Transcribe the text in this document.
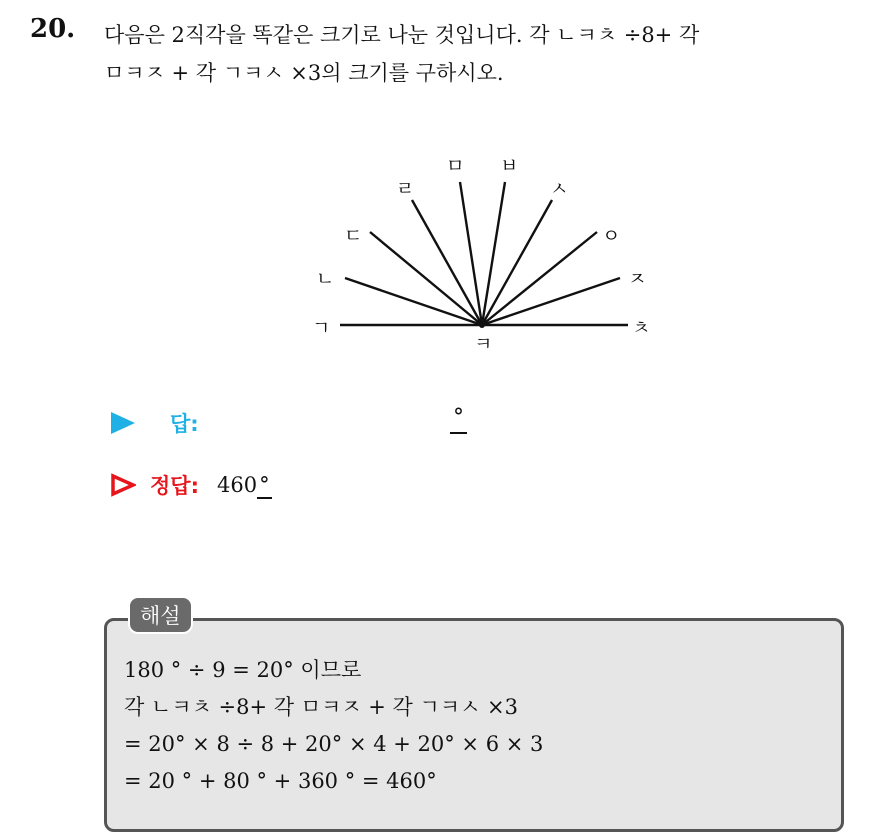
20. 다음은 2직각을 똑같은 크기로 나눈 것입니다. 각 ㄴㅋㅊ ÷8+ 각
ㅁㅋㅈ + 각 ㄱㅋㅅ ×3의 크기를 구하시오.
ㅋ
ㄱ
ㄴ
ㄷ
ㄹ
ㅁ ㅂ
ㅅ
ㅇ
ㅈ
ㅊ
답:	°
정답: 460°
해설
180 ° ÷ 9 = 20° 이므로
각 ㄴㅋㅊ ÷8+ 각 ㅁㅋㅈ + 각 ㄱㅋㅅ ×3
= 20° × 8 ÷ 8 + 20° × 4 + 20° × 6 × 3
= 20 ° + 80 ° + 360 ° = 460°
